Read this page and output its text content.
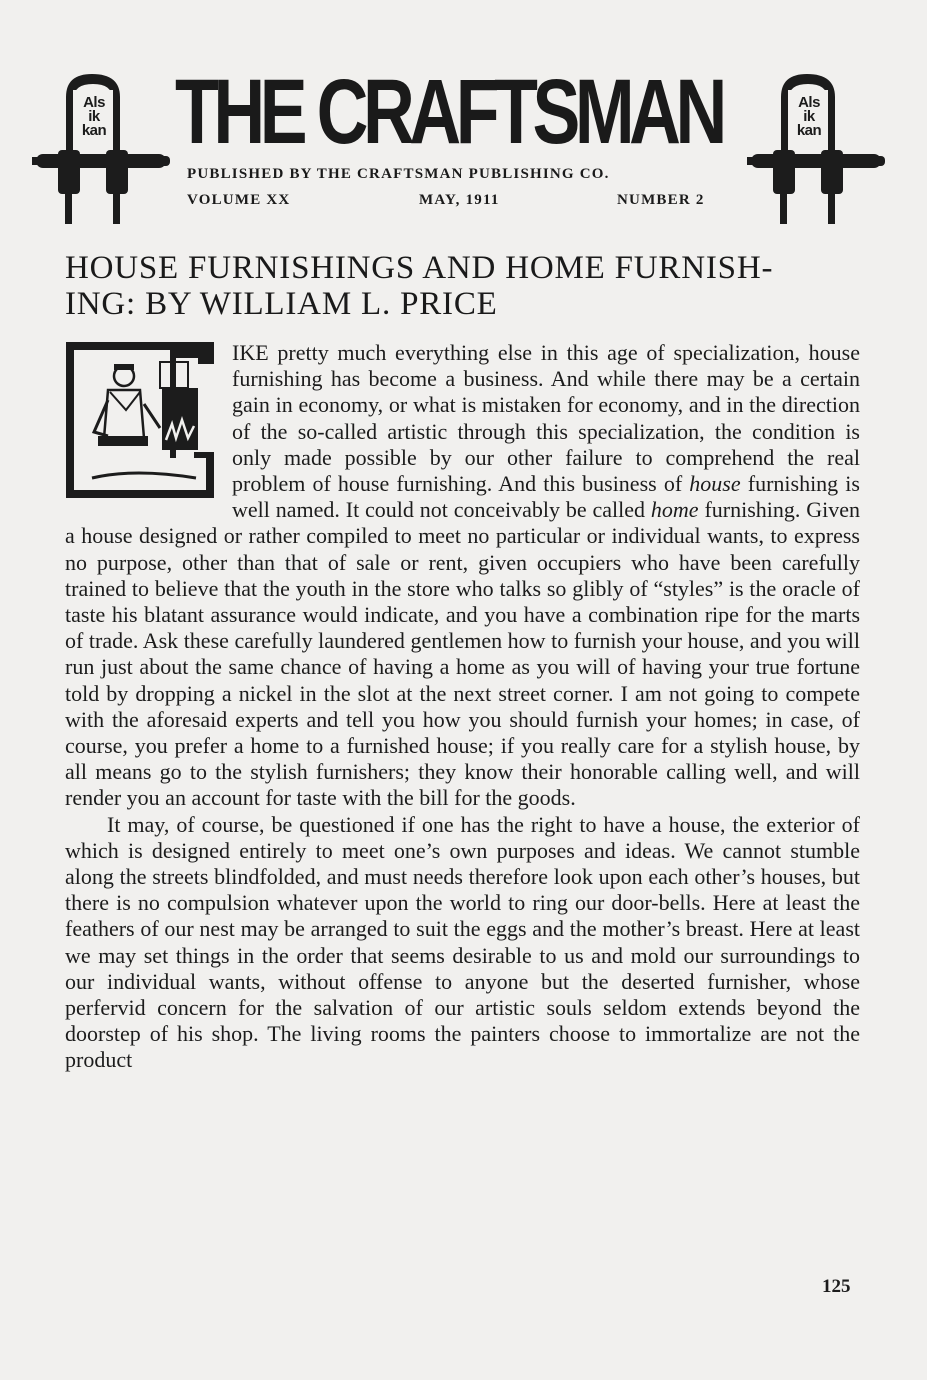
Als
ik
kan THE CRAFTSMAN
PUBLISHED BY THE CRAFTSMAN PUBLISHING CO.
VOLUME XX	MAY, 1911	NUMBER 2
Als
ik
kan
HOUSE FURNISHINGS AND HOME FURNISH-
ING: BY WILLIAM L. PRICE

IKE pretty much everything else in this age of specialization, house furnishing has become a business. And while there may be a certain gain in economy, or what is mistaken for economy, and in the direction of the so-called artistic through this specialization, the condition is only made possible by our other failure to comprehend the real problem of house furnishing. And this business of house furnishing is well named. It could not conceivably be called home furnishing. Given a house designed or rather compiled to meet no particular or individual wants, to express no purpose, other than that of sale or rent, given occupiers who have been carefully trained to believe that the youth in the store who talks so glibly of “styles” is the oracle of taste his blatant assurance would indicate, and you have a combination ripe for the marts of trade. Ask these carefully laundered gentlemen how to furnish your house, and you will run just about the same chance of having a home as you will of having your true fortune told by dropping a nickel in the slot at the next street corner. I am not going to compete with the aforesaid experts and tell you how you should furnish your homes; in case, of course, you prefer a home to a furnished house; if you really care for a stylish house, by all means go to the stylish furnishers; they know their honorable calling well, and will render you an account for taste with the bill for the goods.

It may, of course, be questioned if one has the right to have a house, the exterior of which is designed entirely to meet one’s own purposes and ideas. We cannot stumble along the streets blindfolded, and must needs therefore look upon each other’s houses, but there is no compulsion whatever upon the world to ring our door-bells. Here at least the feathers of our nest may be arranged to suit the eggs and the mother’s breast. Here at least we may set things in the order that seems desirable to us and mold our surroundings to our individual wants, without offense to anyone but the deserted furnisher, whose perfervid concern for the salvation of our artistic souls seldom extends beyond the doorstep of his shop. The living rooms the painters choose to immortalize are not the product

125
